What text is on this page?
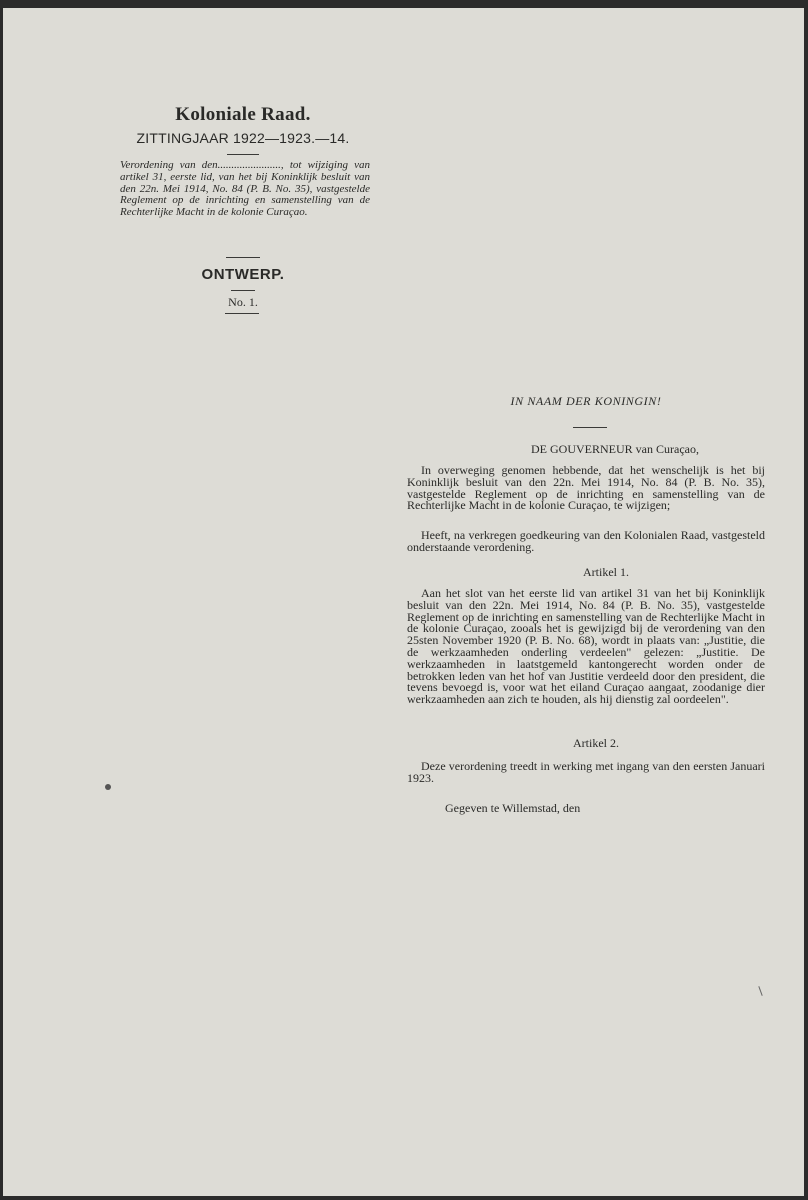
Koloniale Raad.
ZITTINGJAAR 1922—1923.—14.
Verordening van den......................., tot wijziging van artikel 31, eerste lid, van het bij Koninklijk besluit van den 22n. Mei 1914, No. 84 (P. B. No. 35), vastgestelde Reglement op de inrichting en samenstelling van de Rechterlijke Macht in de kolonie Curaçao.
ONTWERP.
No. 1.
IN NAAM DER KONINGIN!
DE GOUVERNEUR van Curaçao,

In overweging genomen hebbende, dat het wenschelijk is het bij Koninklijk besluit van den 22n. Mei 1914, No. 84 (P. B. No. 35), vastgestelde Reglement op de inrichting en samenstelling van de Rechterlijke Macht in de kolonie Curaçao, te wijzigen;

Heeft, na verkregen goedkeuring van den Kolonialen Raad, vastgesteld onderstaande verordening.

Artikel 1.

Aan het slot van het eerste lid van artikel 31 van het bij Koninklijk besluit van den 22n. Mei 1914, No. 84 (P. B. No. 35), vastgestelde Reglement op de inrichting en samenstelling van de Rechterlijke Macht in de kolonie Curaçao, zooals het is gewijzigd bij de verordening van den 25sten November 1920 (P. B. No. 68), wordt in plaats van: „Justitie, die de werkzaamheden onderling verdeelen" gelezen: „Justitie. De werkzaamheden in laatstgemeld kantongerecht worden onder de betrokken leden van het hof van Justitie verdeeld door den president, die tevens bevoegd is, voor wat het eiland Curaçao aangaat, zoodanige dier werkzaamheden aan zich te houden, als hij dienstig zal oordeelen".

Artikel 2.

Deze verordening treedt in werking met ingang van den eersten Januari 1923.

Gegeven te Willemstad, den
